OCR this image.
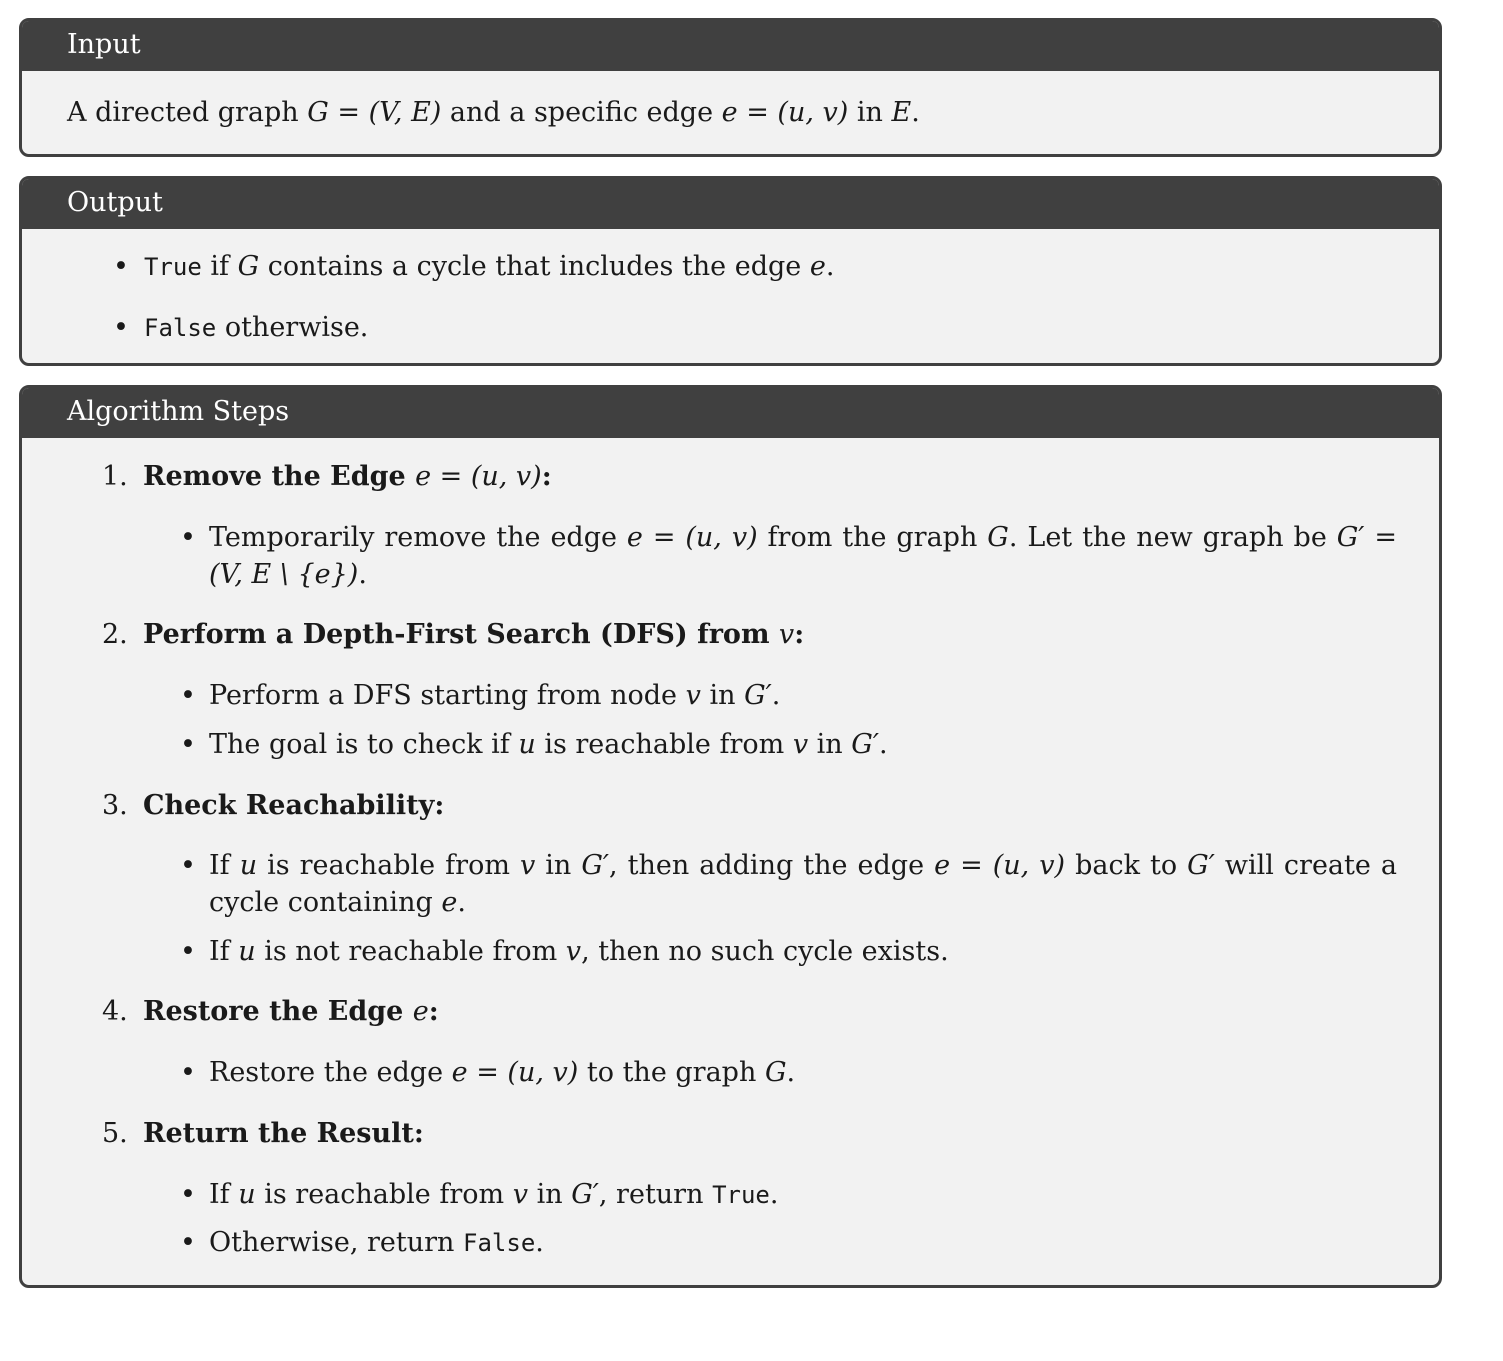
Input
A directed graph G = (V, E) and a specific edge e = (u, v) in E.
Output
• True if G contains a cycle that includes the edge e.
• False otherwise.
Algorithm Steps
1. Remove the Edge e = (u, v):
• Temporarily remove the edge e = (u, v) from the graph G. Let the new graph be G′ = (V, E \ {e}).
2. Perform a Depth-First Search (DFS) from v:
• Perform a DFS starting from node v in G′.
• The goal is to check if u is reachable from v in G′.
3. Check Reachability:
• If u is reachable from v in G′, then adding the edge e = (u, v) back to G′ will create a cycle containing e.
• If u is not reachable from v, then no such cycle exists.
4. Restore the Edge e:
• Restore the edge e = (u, v) to the graph G.
5. Return the Result:
• If u is reachable from v in G′, return True.
• Otherwise, return False.
